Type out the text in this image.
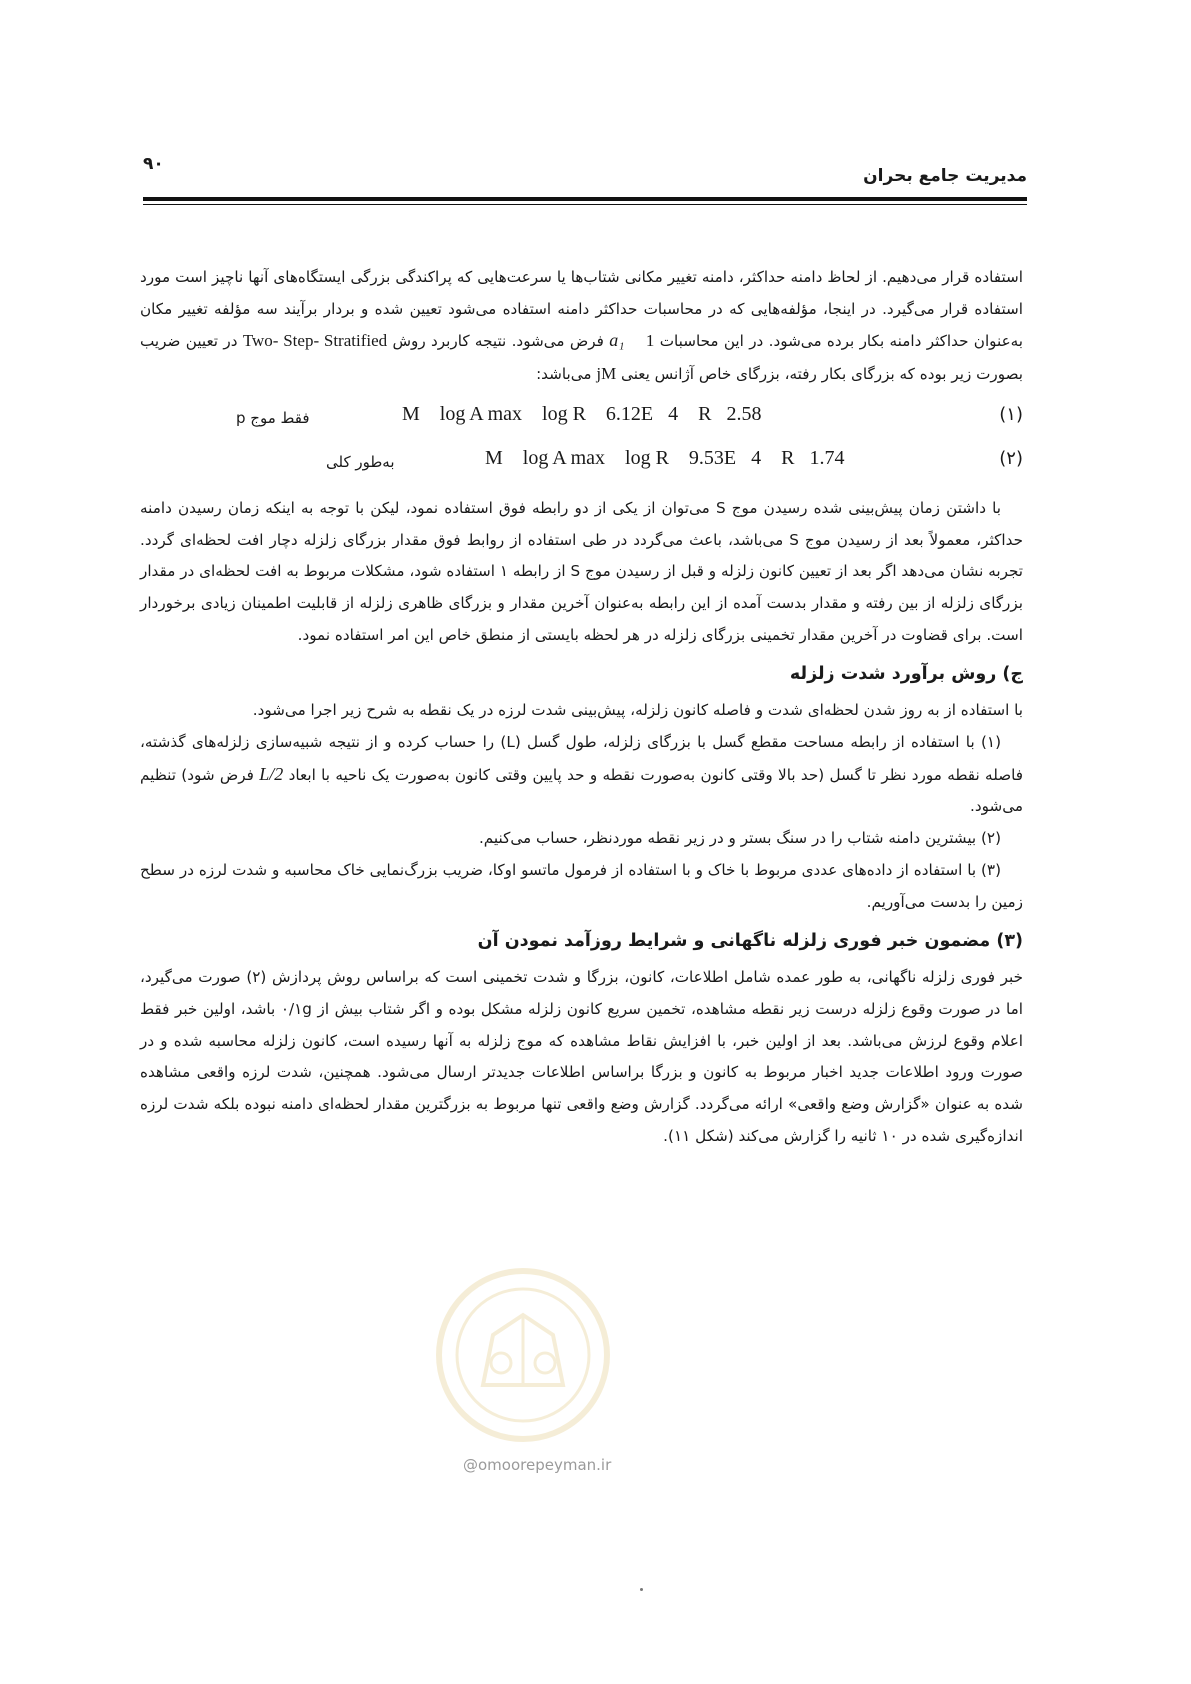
۹۰
مدیریت جامع بحران

استفاده قرار می‌دهیم. از لحاظ دامنه حداکثر، دامنه تغییر مکانی شتاب‌ها یا سرعت‌هایی که پراکندگی بزرگی ایستگاه‌های آنها ناچیز است مورد استفاده قرار می‌گیرد. در اینجا، مؤلفه‌هایی که در محاسبات حداکثر دامنه استفاده می‌شود تعیین شده و بردار برآیند سه مؤلفه تغییر مکان به‌عنوان حداکثر دامنه بکار برده می‌شود. در این محاسبات 1    a₁ فرض می‌شود. نتیجه کاربرد روش Two- Step- Stratified در تعیین ضریب بصورت زیر بوده که بزرگای بکار رفته، بزرگای خاص آژانس یعنی jM می‌باشد:

(۱)
M    log A max    log R    6.12E   4    R   2.58
فقط موج p
(۲)
M    log A max    log R    9.53E   4    R   1.74
به‌طور کلی

با داشتن زمان پیش‌بینی شده رسیدن موج S می‌توان از یکی از دو رابطه فوق استفاده نمود، لیکن با توجه به اینکه زمان رسیدن دامنه حداکثر، معمولاً بعد از رسیدن موج S می‌باشد، باعث می‌گردد در طی استفاده از روابط فوق مقدار بزرگای زلزله دچار افت لحظه‌ای گردد. تجربه نشان می‌دهد اگر بعد از تعیین کانون زلزله و قبل از رسیدن موج S از رابطه ۱ استفاده شود، مشکلات مربوط به افت لحظه‌ای در مقدار بزرگای زلزله از بین رفته و مقدار بدست آمده از این رابطه به‌عنوان آخرین مقدار و بزرگای ظاهری زلزله از قابلیت اطمینان زیادی برخوردار است. برای قضاوت در آخرین مقدار تخمینی بزرگای زلزله در هر لحظه بایستی از منطق خاص این امر استفاده نمود.

ج) روش برآورد شدت زلزله

با استفاده از به روز شدن لحظه‌ای شدت و فاصله کانون زلزله، پیش‌بینی شدت لرزه در یک نقطه به شرح زیر اجرا می‌شود.

(۱) با استفاده از رابطه مساحت مقطع گسل با بزرگای زلزله، طول گسل (L) را حساب کرده و از نتیجه شبیه‌سازی زلزله‌های گذشته، فاصله نقطه مورد نظر تا گسل (حد بالا وقتی کانون به‌صورت نقطه و حد پایین وقتی کانون به‌صورت یک ناحیه با ابعاد L/2 فرض شود) تنظیم می‌شود.

(۲) بیشترین دامنه شتاب را در سنگ بستر و در زیر نقطه موردنظر، حساب می‌کنیم.

(۳) با استفاده از داده‌های عددی مربوط با خاک و با استفاده از فرمول ماتسو اوکا، ضریب بزرگ‌نمایی خاک محاسبه و شدت لرزه در سطح زمین را بدست می‌آوریم.

(۳) مضمون خبر فوری زلزله ناگهانی و شرایط روزآمد نمودن آن

خبر فوری زلزله ناگهانی، به طور عمده شامل اطلاعات، کانون، بزرگا و شدت تخمینی است که براساس روش پردازش (۲) صورت می‌گیرد، اما در صورت وقوع زلزله درست زیر نقطه مشاهده، تخمین سریع کانون زلزله مشکل بوده و اگر شتاب بیش از ۰/۱g باشد، اولین خبر فقط اعلام وقوع لرزش می‌باشد. بعد از اولین خبر، با افزایش نقاط مشاهده که موج زلزله به آنها رسیده است، کانون زلزله محاسبه شده و در صورت ورود اطلاعات جدید اخبار مربوط به کانون و بزرگا براساس اطلاعات جدیدتر ارسال می‌شود. همچنین، شدت لرزه واقعی مشاهده شده به عنوان «گزارش وضع واقعی» ارائه می‌گردد. گزارش وضع واقعی تنها مربوط به بزرگترین مقدار لحظه‌ای دامنه نبوده بلکه شدت لرزه اندازه‌گیری شده در ۱۰ ثانیه را گزارش می‌کند (شکل ۱۱).

@omoorepeyman.ir
